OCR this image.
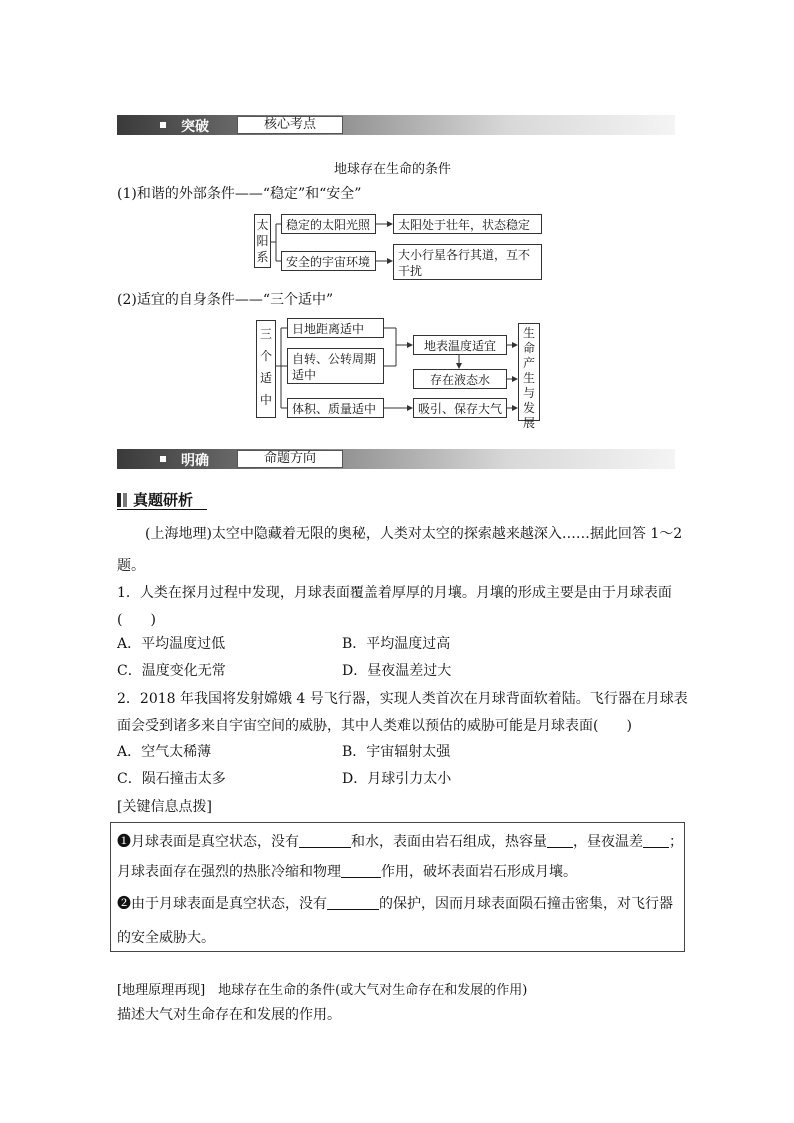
突破	核心考点
地球存在生命的条件
(1)和谐的外部条件——“稳定”和“安全”
太阳系
稳定的太阳光照	太阳处于壮年，状态稳定
安全的宇宙环境	大小行星各行其道，互不干扰
(2)适宜的自身条件——“三个适中”
三个适中
日地距离适中
自转、公转周期适中
体积、质量适中
地表温度适宜
存在液态水
吸引、保存大气
生命产生与发展
明确	命题方向
真题研析
(上海地理)太空中隐藏着无限的奥秘，人类对太空的探索越来越深入……据此回答 1～2
题。
1．人类在探月过程中发现，月球表面覆盖着厚厚的月壤。月壤的形成主要是由于月球表面
(　　)
A．平均温度过低	B．平均温度过高
C．温度变化无常	D．昼夜温差过大
2．2018 年我国将发射嫦娥 4 号飞行器，实现人类首次在月球背面软着陆。飞行器在月球表
面会受到诸多来自宇宙空间的威胁，其中人类难以预估的威胁可能是月球表面(　　)
A．空气太稀薄	B．宇宙辐射太强
C．陨石撞击太多	D．月球引力太小
[关键信息点拨]
❶月球表面是真空状态，没有	和水，表面由岩石组成，热容量 ，昼夜温差 ；
月球表面存在强烈的热胀冷缩和物理	作用，破坏表面岩石形成月壤。
❷由于月球表面是真空状态，没有	的保护，因而月球表面陨石撞击密集，对飞行器
的安全威胁大。
[地理原理再现]　地球存在生命的条件(或大气对生命存在和发展的作用)
描述大气对生命存在和发展的作用。
